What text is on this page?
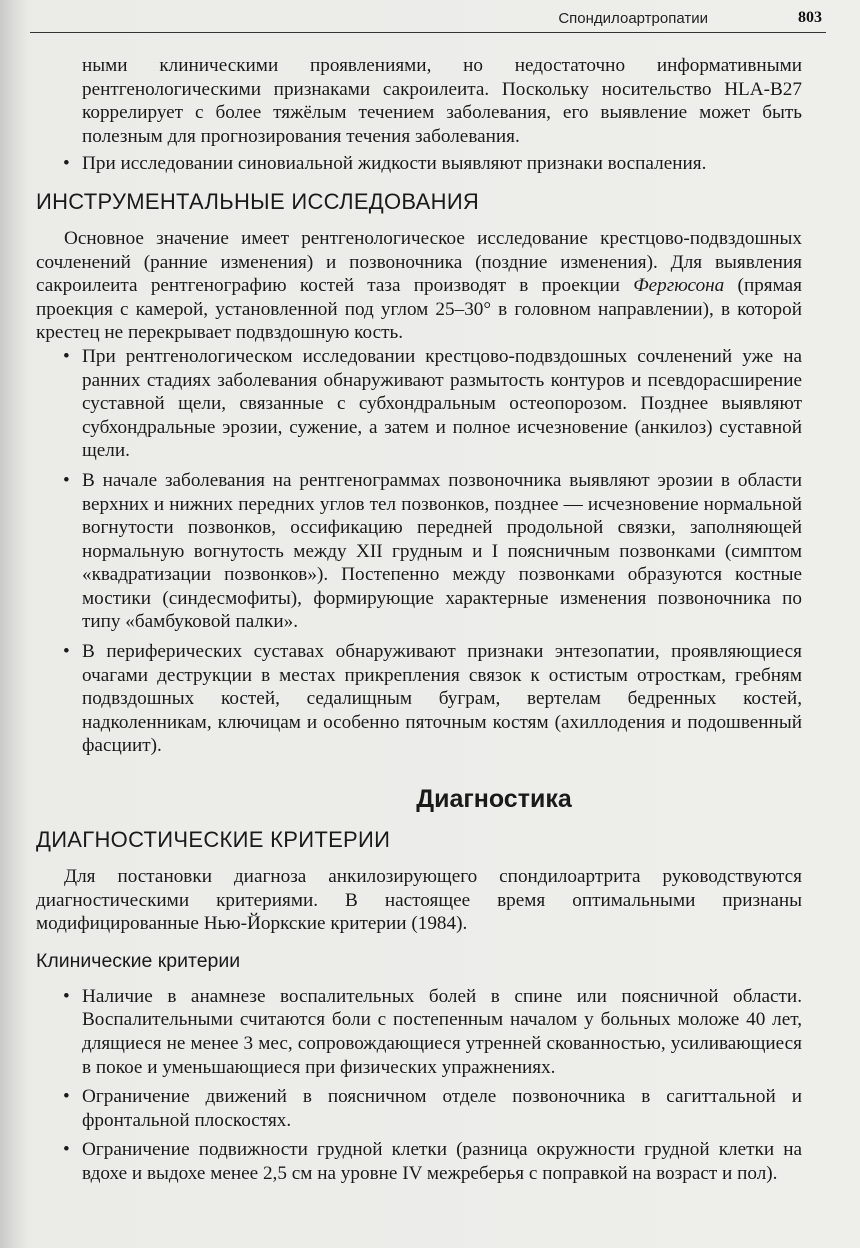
Спондилоартропатии	803

ными клиническими проявлениями, но недостаточно информативными рентгенологическими признаками сакроилеита. Поскольку носительство HLA-B27 коррелирует с более тяжёлым течением заболевания, его выявление может быть полезным для прогнозирования течения заболевания.

• При исследовании синовиальной жидкости выявляют признаки воспаления.
ИНСТРУМЕНТАЛЬНЫЕ ИССЛЕДОВАНИЯ

Основное значение имеет рентгенологическое исследование крестцово-подвздошных сочленений (ранние изменения) и позвоночника (поздние изменения). Для выявления сакроилеита рентгенографию костей таза производят в проекции Фергюсона (прямая проекция с камерой, установленной под углом 25–30° в головном направлении), в которой крестец не перекрывает подвздошную кость.

• При рентгенологическом исследовании крестцово-подвздошных сочленений уже на ранних стадиях заболевания обнаруживают размытость контуров и псевдорасширение суставной щели, связанные с субхондральным остеопорозом. Позднее выявляют субхондральные эрозии, сужение, а затем и полное исчезновение (анкилоз) суставной щели.
• В начале заболевания на рентгенограммах позвоночника выявляют эрозии в области верхних и нижних передних углов тел позвонков, позднее — исчезновение нормальной вогнутости позвонков, оссификацию передней продольной связки, заполняющей нормальную вогнутость между XII грудным и I поясничным позвонками (симптом «квадратизации позвонков»). Постепенно между позвонками образуются костные мостики (синдесмофиты), формирующие характерные изменения позвоночника по типу «бамбуковой палки».
• В периферических суставах обнаруживают признаки энтезопатии, проявляющиеся очагами деструкции в местах прикрепления связок к остистым отросткам, гребням подвздошных костей, седалищным буграм, вертелам бедренных костей, надколенникам, ключицам и особенно пяточным костям (ахиллодения и подошвенный фасциит).
Диагностика
ДИАГНОСТИЧЕСКИЕ КРИТЕРИИ

Для постановки диагноза анкилозирующего спондилоартрита руководствуются диагностическими критериями. В настоящее время оптимальными признаны модифицированные Нью-Йоркские критерии (1984).

Клинические критерии
• Наличие в анамнезе воспалительных болей в спине или поясничной области. Воспалительными считаются боли с постепенным началом у больных моложе 40 лет, длящиеся не менее 3 мес, сопровождающиеся утренней скованностью, усиливающиеся в покое и уменьшающиеся при физических упражнениях.
• Ограничение движений в поясничном отделе позвоночника в сагиттальной и фронтальной плоскостях.
• Ограничение подвижности грудной клетки (разница окружности грудной клетки на вдохе и выдохе менее 2,5 см на уровне IV межреберья с поправкой на возраст и пол).
